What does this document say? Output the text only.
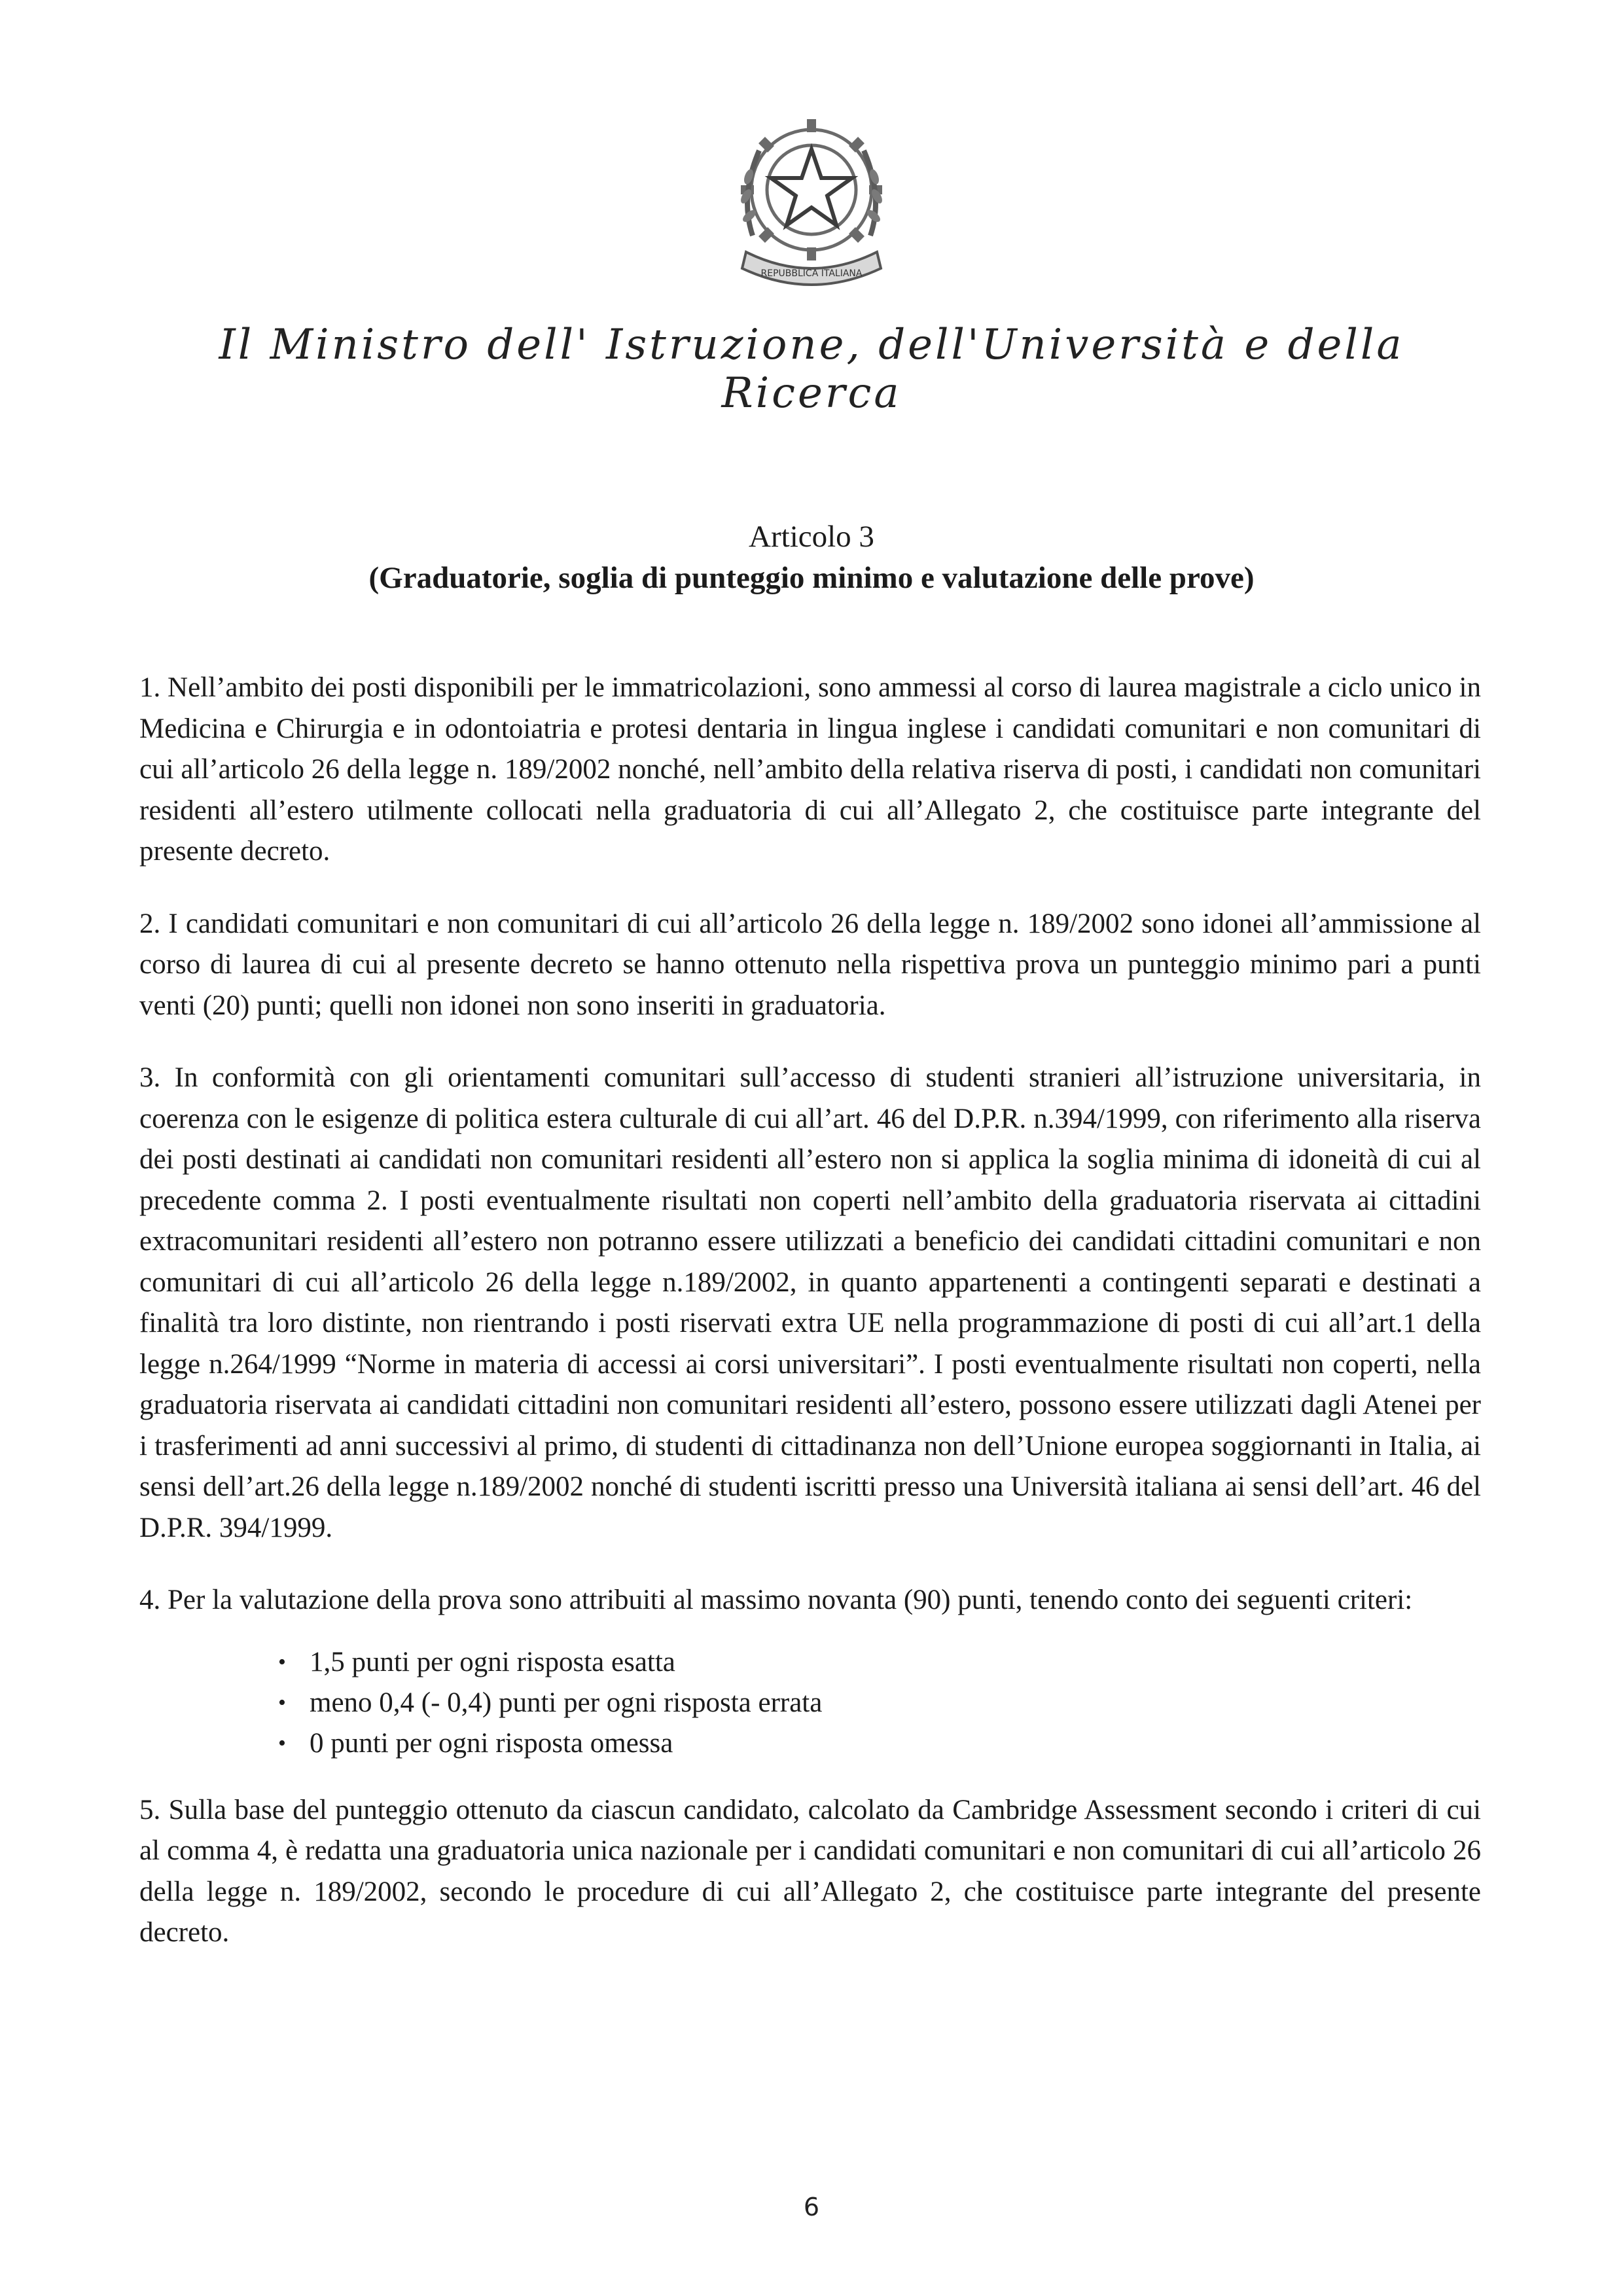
REPUBBLICA ITALIANA
Il Ministro dell' Istruzione, dell'Università e della Ricerca
Articolo 3
(Graduatorie, soglia di punteggio minimo e valutazione delle prove)

1. Nell’ambito dei posti disponibili per le immatricolazioni, sono ammessi al corso di laurea magistrale a ciclo unico in Medicina e Chirurgia e in odontoiatria e protesi dentaria in lingua inglese i candidati comunitari e non comunitari di cui all’articolo 26 della legge n. 189/2002 nonché, nell’ambito della relativa riserva di posti, i candidati non comunitari residenti all’estero utilmente collocati nella graduatoria di cui all’Allegato 2, che costituisce parte integrante del presente decreto.

2. I candidati comunitari e non comunitari di cui all’articolo 26 della legge n. 189/2002 sono idonei all’ammissione al corso di laurea di cui al presente decreto se hanno ottenuto nella rispettiva prova un punteggio minimo pari a punti venti (20) punti; quelli non idonei non sono inseriti in graduatoria.

3. In conformità con gli orientamenti comunitari sull’accesso di studenti stranieri all’istruzione universitaria, in coerenza con le esigenze di politica estera culturale di cui all’art. 46 del D.P.R. n.394/1999, con riferimento alla riserva dei posti destinati ai candidati non comunitari residenti all’estero non si applica la soglia minima di idoneità di cui al precedente comma 2. I posti eventualmente risultati non coperti nell’ambito della graduatoria riservata ai cittadini extracomunitari residenti all’estero non potranno essere utilizzati a beneficio dei candidati cittadini comunitari e non comunitari di cui all’articolo 26 della legge n.189/2002, in quanto appartenenti a contingenti separati e destinati a finalità tra loro distinte, non rientrando i posti riservati extra UE nella programmazione di posti di cui all’art.1 della legge n.264/1999 “Norme in materia di accessi ai corsi universitari”. I posti eventualmente risultati non coperti, nella graduatoria riservata ai candidati cittadini non comunitari residenti all’estero, possono essere utilizzati dagli Atenei per i trasferimenti ad anni successivi al primo, di studenti di cittadinanza non dell’Unione europea soggiornanti in Italia, ai sensi dell’art.26 della legge n.189/2002 nonché di studenti iscritti presso una Università italiana ai sensi dell’art. 46 del D.P.R. 394/1999.

4. Per la valutazione della prova sono attribuiti al massimo novanta (90) punti, tenendo conto dei seguenti criteri:

• 1,5 punti per ogni risposta esatta
• meno 0,4 (- 0,4) punti per ogni risposta errata
• 0 punti per ogni risposta omessa

5. Sulla base del punteggio ottenuto da ciascun candidato, calcolato da Cambridge Assessment secondo i criteri di cui al comma 4, è redatta una graduatoria unica nazionale per i candidati comunitari e non comunitari di cui all’articolo 26 della legge n. 189/2002, secondo le procedure di cui all’Allegato 2, che costituisce parte integrante del presente decreto.

6
